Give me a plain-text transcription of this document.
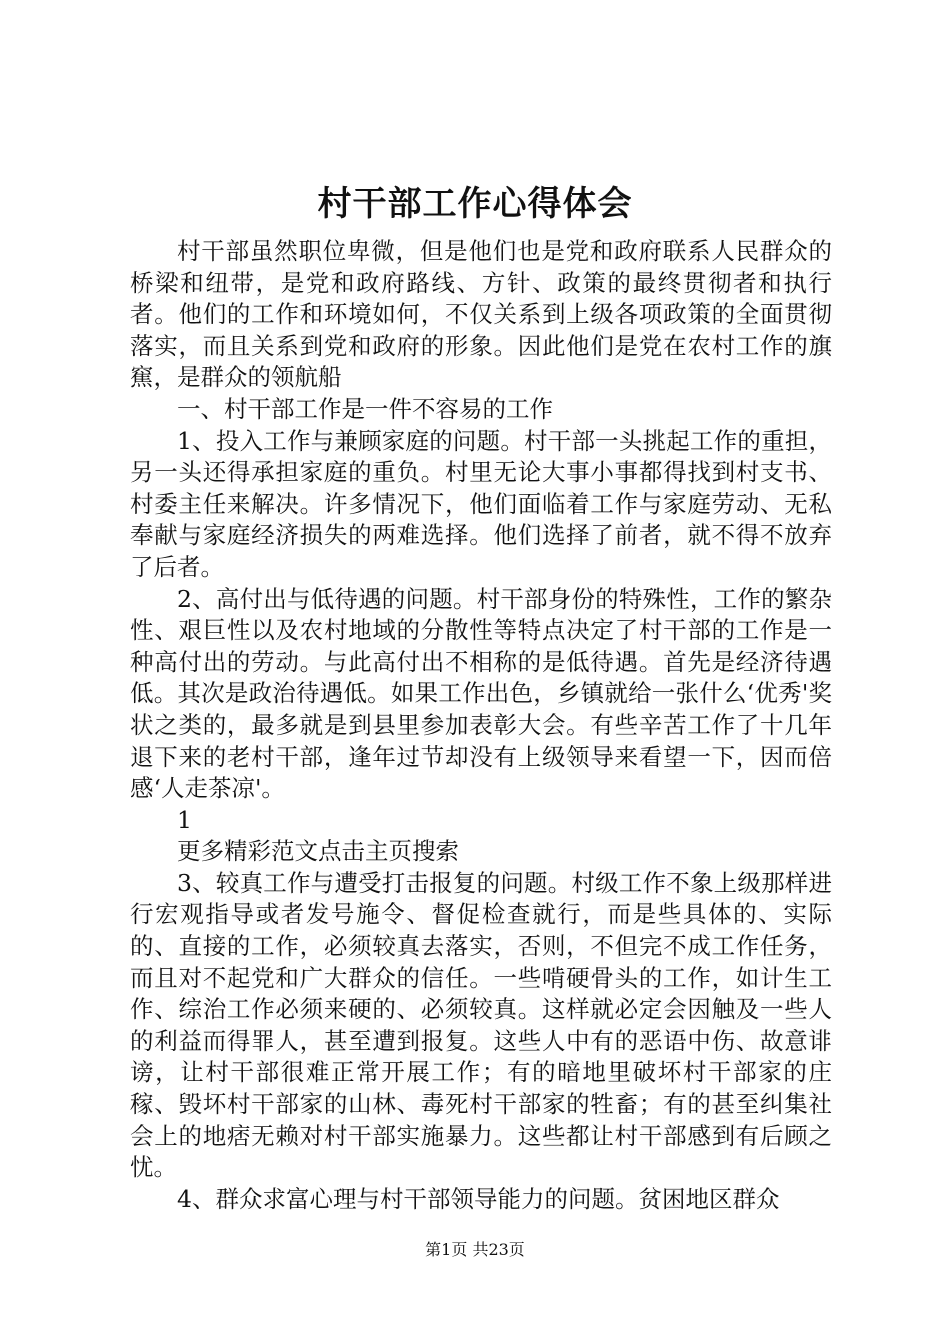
村干部工作心得体会

村干部虽然职位卑微，但是他们也是党和政府联系人民群众的桥梁和纽带，是党和政府路线、方针、政策的最终贯彻者和执行者。他们的工作和环境如何，不仅关系到上级各项政策的全面贯彻落实，而且关系到党和政府的形象。因此他们是党在农村工作的旗䆶，是群众的领航船

一、村干部工作是一件不容易的工作

1、投入工作与兼顾家庭的问题。村干部一头挑起工作的重担，另一头还得承担家庭的重负。村里无论大事小事都得找到村支书、村委主任来解决。许多情况下，他们面临着工作与家庭劳动、无私奉献与家庭经济损失的两难选择。他们选择了前者，就不得不放弃了后者。

2、高付出与低待遇的问题。村干部身份的特殊性，工作的繁杂性、艰巨性以及农村地域的分散性等特点决定了村干部的工作是一种高付出的劳动。与此高付出不相称的是低待遇。首先是经济待遇低。其次是政治待遇低。如果工作出色，乡镇就给一张什么‘优秀'奖状之类的，最多就是到县里参加表彰大会。有些辛苦工作了十几年退下来的老村干部，逢年过节却没有上级领导来看望一下，因而倍感‘人走茶凉'。

1

更多精彩范文点击主页搜索

3、较真工作与遭受打击报复的问题。村级工作不象上级那样进行宏观指导或者发号施令、督促检查就行，而是些具体的、实际的、直接的工作，必须较真去落实，否则，不但完不成工作任务，而且对不起党和广大群众的信任。一些啃硬骨头的工作，如计生工作、综治工作必须来硬的、必须较真。这样就必定会因触及一些人的利益而得罪人，甚至遭到报复。这些人中有的恶语中伤、故意诽谤，让村干部很难正常开展工作；有的暗地里破坏村干部家的庄稼、毁坏村干部家的山林、毒死村干部家的牲畜；有的甚至纠集社会上的地痞无赖对村干部实施暴力。这些都让村干部感到有后顾之忧。

4、群众求富心理与村干部领导能力的问题。贫困地区群众

第1页 共23页
